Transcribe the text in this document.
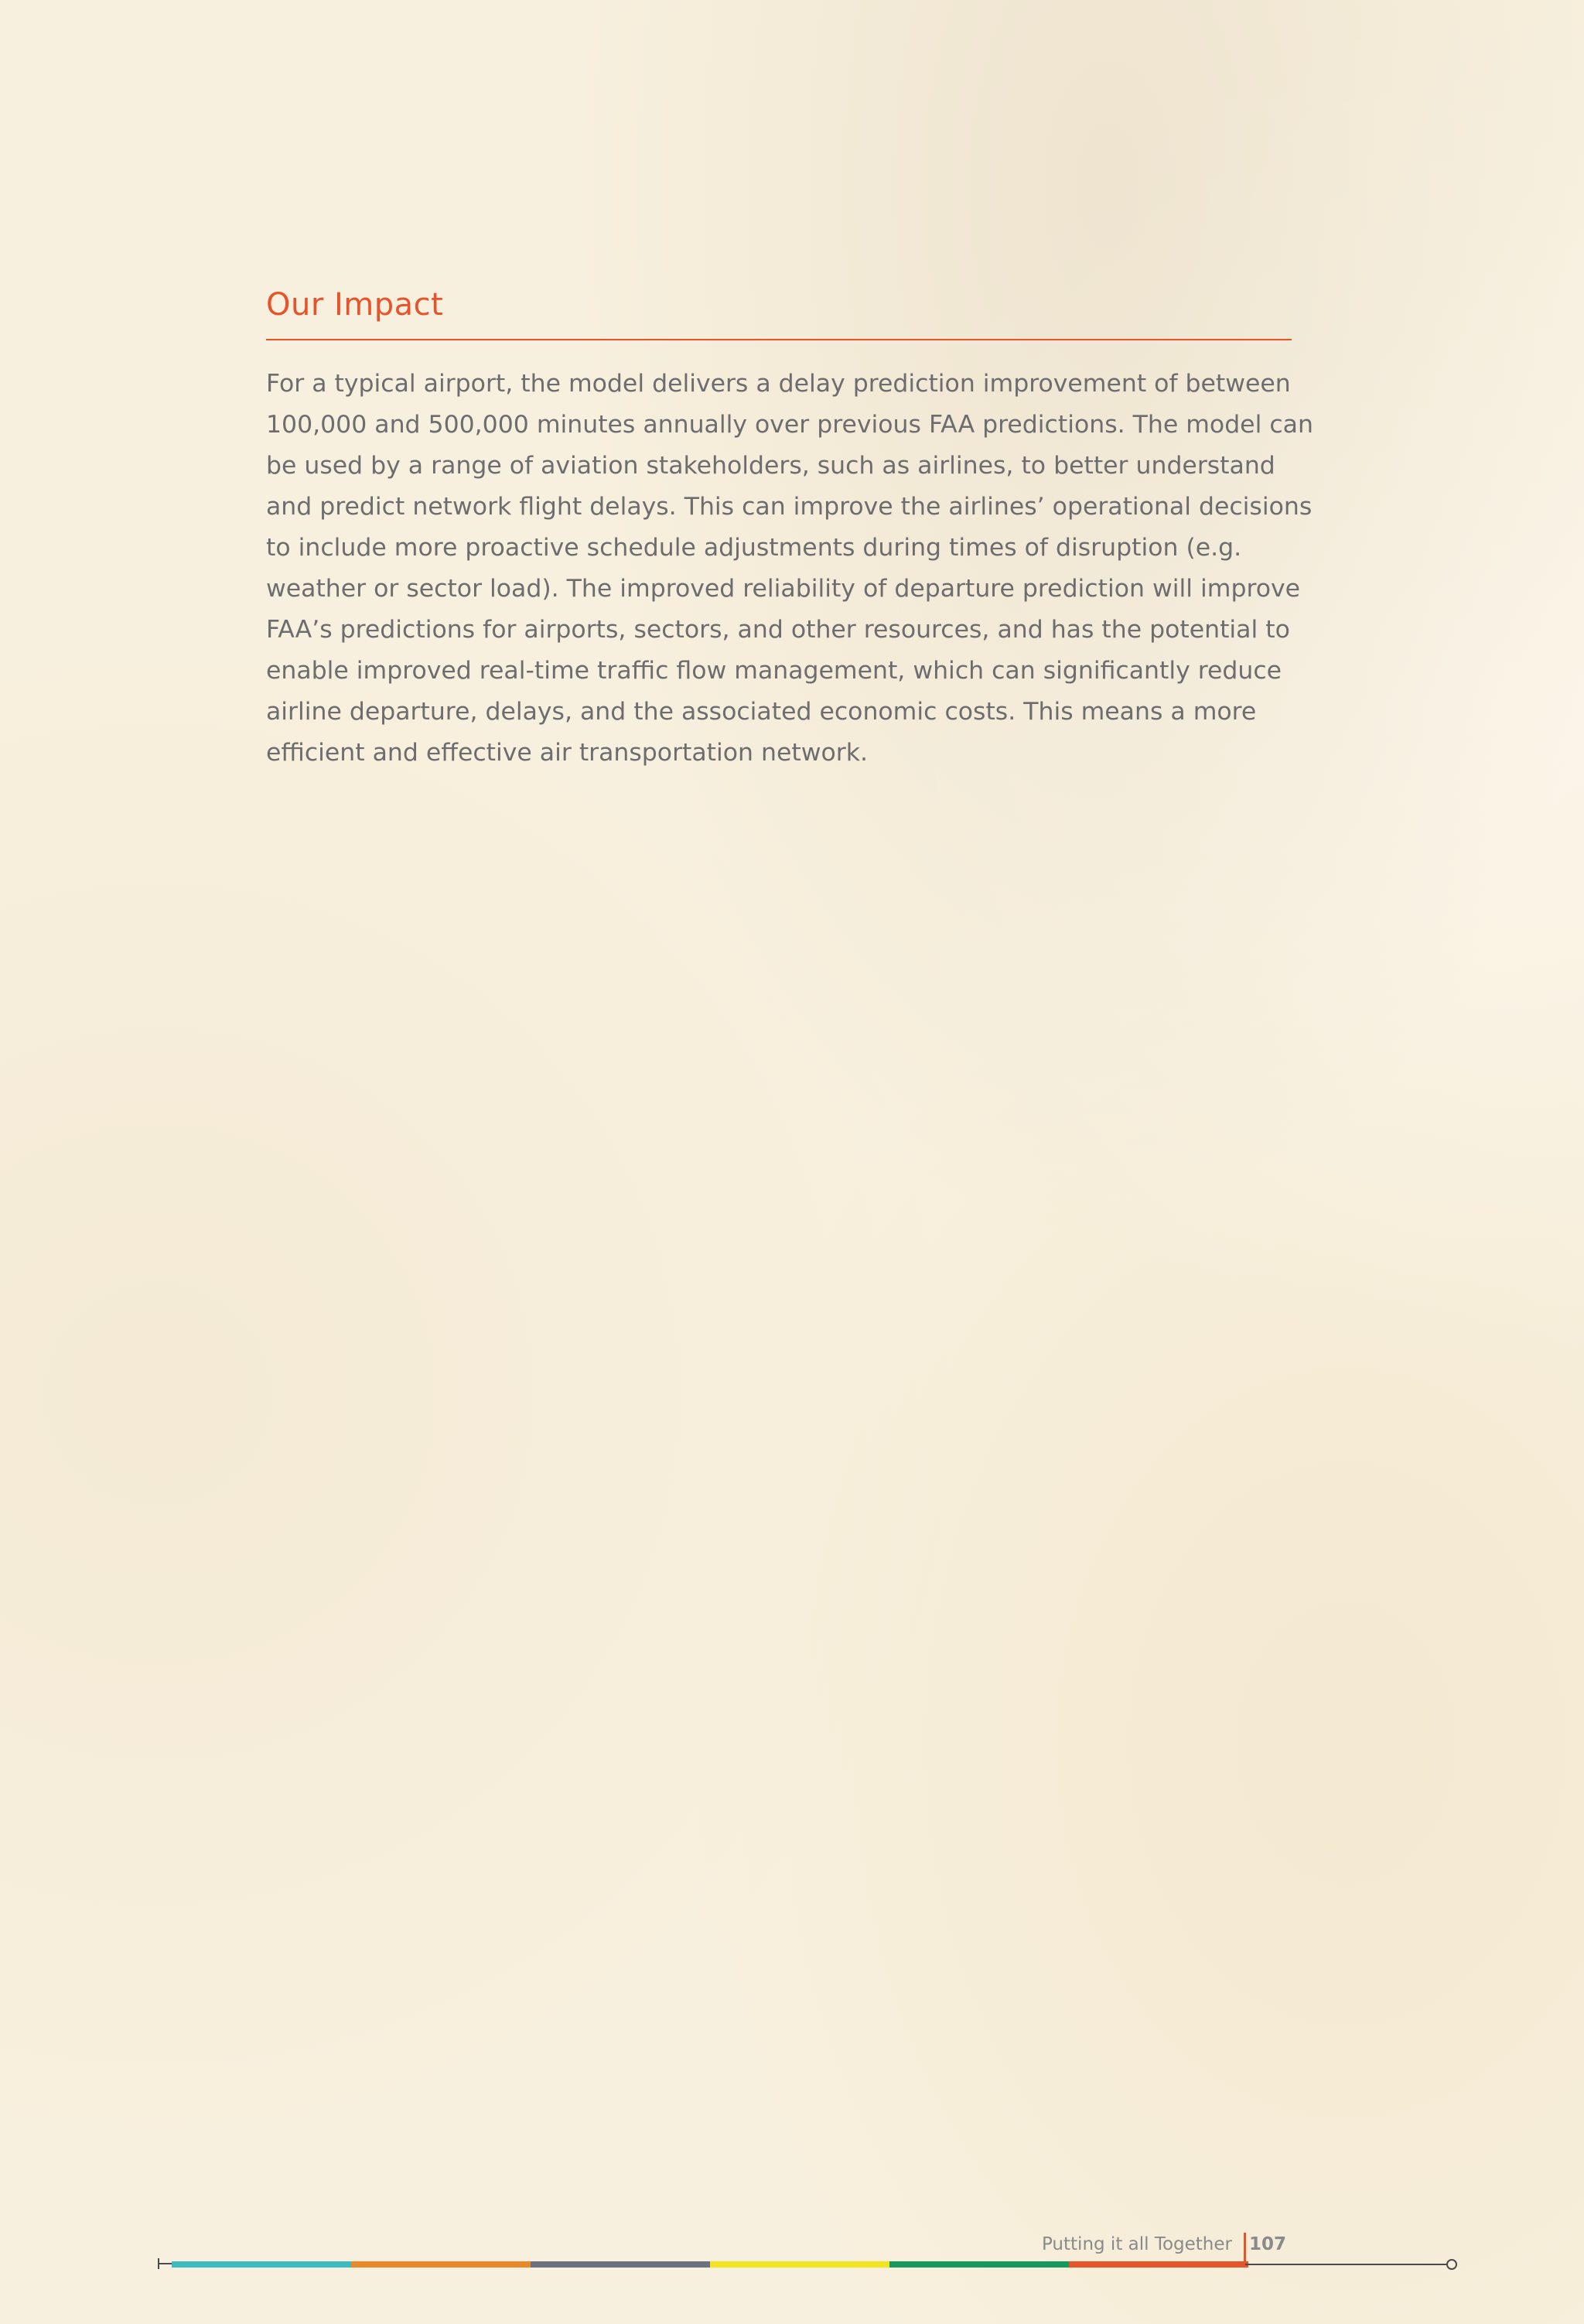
Our Impact

For a typical airport, the model delivers a delay prediction improvement of between 100,000 and 500,000 minutes annually over previous FAA predictions. The model can be used by a range of aviation stakeholders, such as airlines, to better understand and predict network flight delays. This can improve the airlines’ operational decisions to include more proactive schedule adjustments during times of disruption (e.g. weather or sector load). The improved reliability of departure prediction will improve FAA’s predictions for airports, sectors, and other resources, and has the potential to enable improved real-time traffic flow management, which can significantly reduce airline departure, delays, and the associated economic costs. This means a more efficient and effective air transportation network.

Putting it all Together 107
